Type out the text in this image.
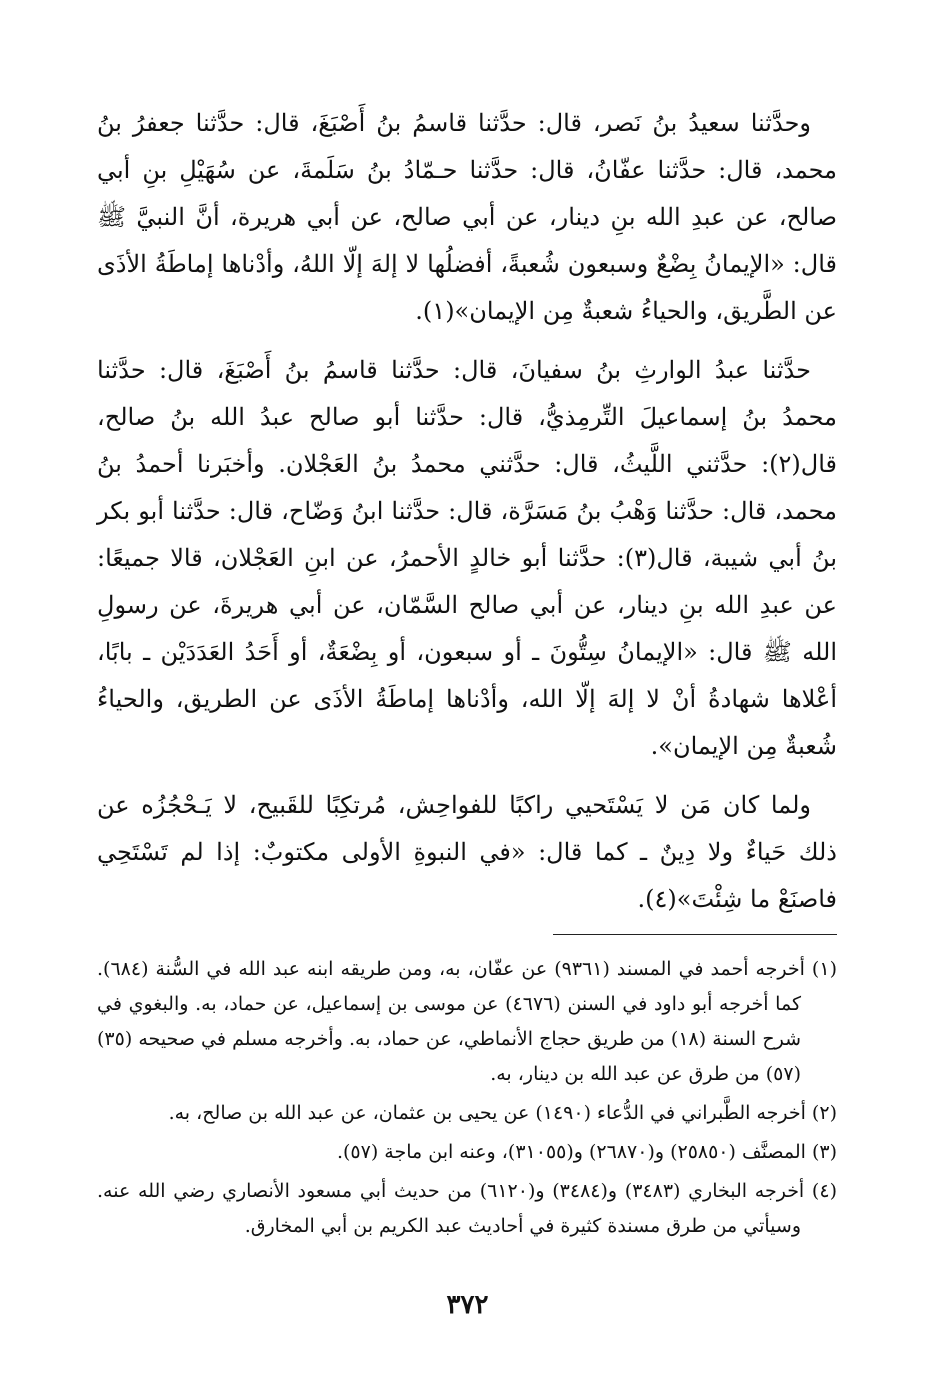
وحدَّثنا سعيدُ بنُ نَصر، قال: حدَّثنا قاسمُ بنُ أَصْبَغَ، قال: حدَّثنا جعفرُ بنُ محمد، قال: حدَّثنا عفّانُ، قال: حدَّثنا حـمّادُ بنُ سَلَمةَ، عن سُهَيْلِ بنِ أبي صالح، عن عبدِ الله بنِ دينار، عن أبي صالح، عن أبي هريرة، أنَّ النبيَّ ﷺ قال: «الإيمانُ بِضْعٌ وسبعون شُعبةً، أفضلُها لا إلهَ إلّا اللهُ، وأدْناها إماطَةُ الأذَى عن الطَّريق، والحياءُ شعبةٌ مِن الإيمان»(١).

حدَّثنا عبدُ الوارثِ بنُ سفيانَ، قال: حدَّثنا قاسمُ بنُ أَصْبَغَ، قال: حدَّثنا محمدُ بنُ إسماعيلَ التِّرمِذيُّ، قال: حدَّثنا أبو صالح عبدُ الله بنُ صالح، قال(٢): حدَّثني اللَّيثُ، قال: حدَّثني محمدُ بنُ العَجْلان. وأخبَرنا أحمدُ بنُ محمد، قال: حدَّثنا وَهْبُ بنُ مَسَرَّة، قال: حدَّثنا ابنُ وَضّاح، قال: حدَّثنا أبو بكر بنُ أبي شيبة، قال(٣): حدَّثنا أبو خالدٍ الأحمرُ، عن ابنِ العَجْلان، قالا جميعًا: عن عبدِ الله بنِ دينار، عن أبي صالح السَّمّان، عن أبي هريرةَ، عن رسولِ الله ﷺ قال: «الإيمانُ سِتُّونَ ـ أو سبعون، أو بِضْعَةٌ، أو أَحَدُ العَدَدَيْن ـ بابًا، أعْلاها شهادةُ أنْ لا إلهَ إلّا الله، وأدْناها إماطَةُ الأذَى عن الطريق، والحياءُ شُعبةٌ مِن الإيمان».

ولما كان مَن لا يَسْتَحيي راكبًا للفواحِش، مُرتكِبًا للقَبيح، لا يَـحْجُزُه عن ذلك حَياءٌ ولا دِينٌ ـ كما قال: «في النبوةِ الأولى مكتوبٌ: إذا لم تَسْتَحِي فاصنَعْ ما شِئْتَ»(٤).

(١) أخرجه أحمد في المسند (٩٣٦١) عن عفّان، به، ومن طريقه ابنه عبد الله في السُّنة (٦٨٤). كما أخرجه أبو داود في السنن (٤٦٧٦) عن موسى بن إسماعيل، عن حماد، به. والبغوي في شرح السنة (١٨) من طريق حجاج الأنماطي، عن حماد، به. وأخرجه مسلم في صحيحه (٣٥) (٥٧) من طرق عن عبد الله بن دينار، به.

(٢) أخرجه الطَّبراني في الدُّعاء (١٤٩٠) عن يحيى بن عثمان، عن عبد الله بن صالح، به.

(٣) المصنَّف (٢٥٨٥٠) و(٢٦٨٧٠) و(٣١٠٥٥)، وعنه ابن ماجة (٥٧).

(٤) أخرجه البخاري (٣٤٨٣) و(٣٤٨٤) و(٦١٢٠) من حديث أبي مسعود الأنصاري رضي الله عنه. وسيأتي من طرق مسندة كثيرة في أحاديث عبد الكريم بن أبي المخارق.

٣٧٢
